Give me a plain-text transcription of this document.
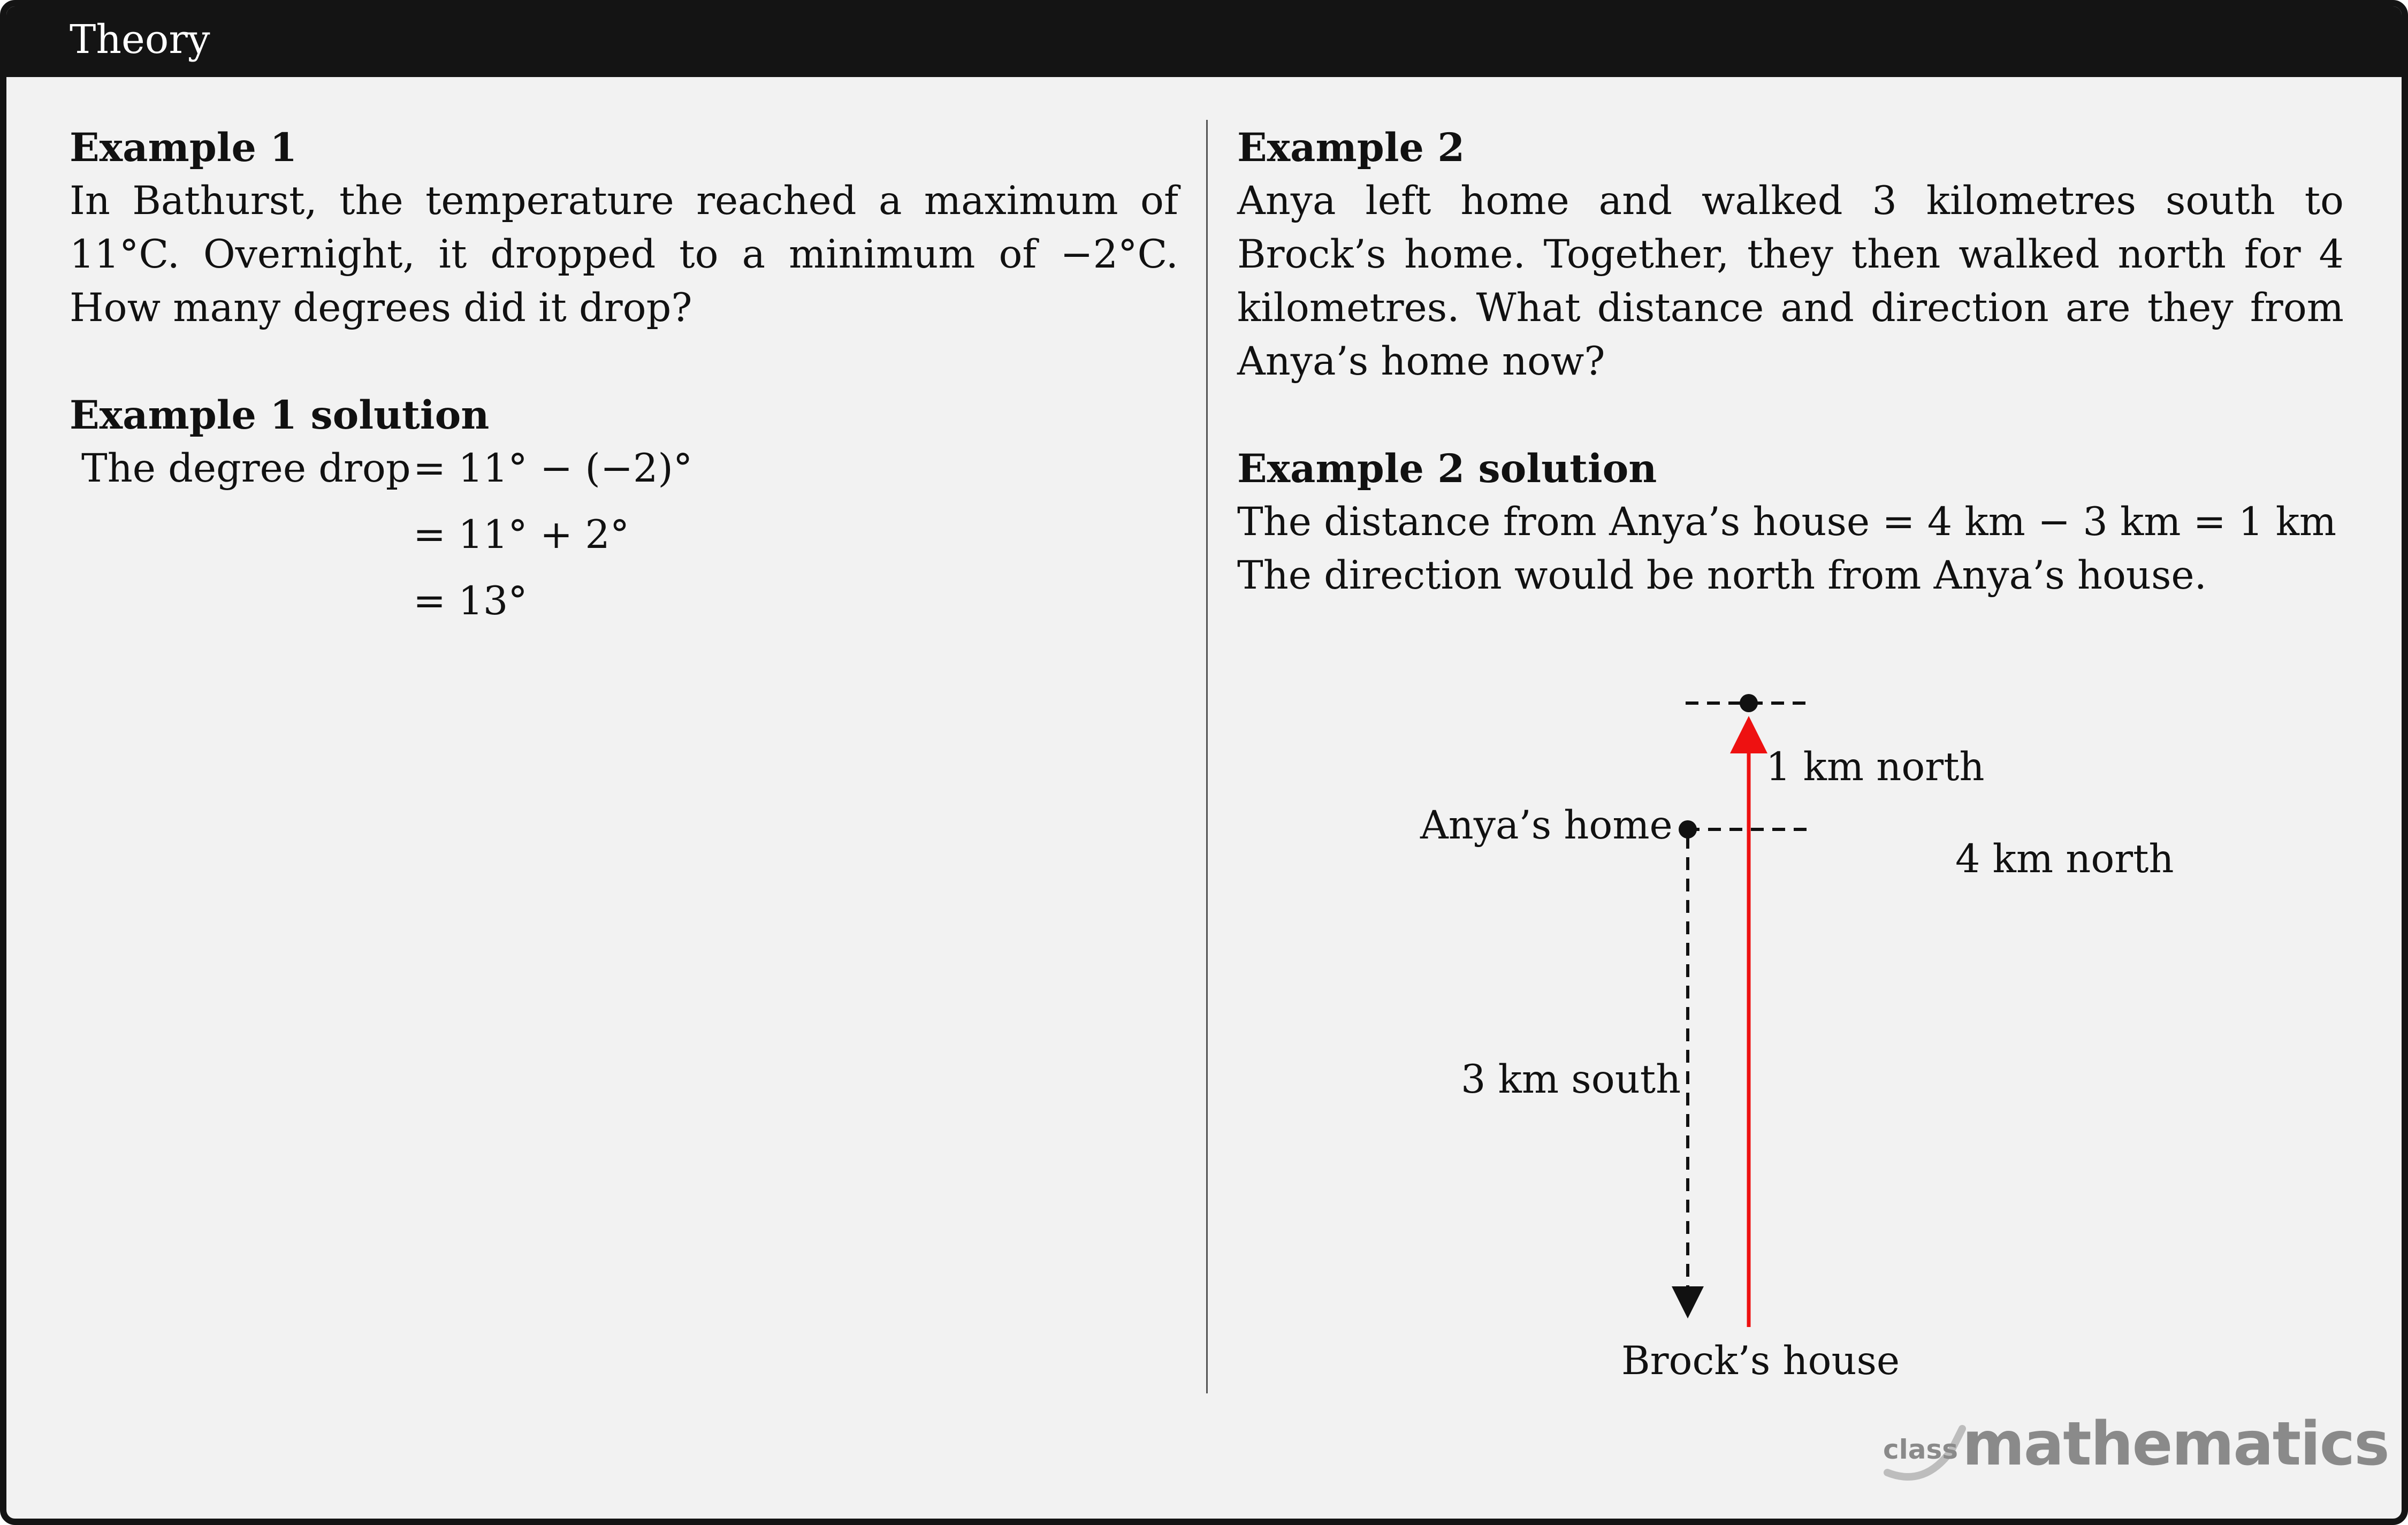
Theory
Example 1
In Bathurst, the temperature reached a maximum of 11°C. Overnight, it dropped to a minimum of −2°C. How many degrees did it drop?
Example 1 solution
The degree drop = 11° − (−2)°
= 11° + 2°
= 13°
Example 2
Anya left home and walked 3 kilometres south to Brock’s home. Together, they then walked north for 4 kilometres. What distance and direction are they from Anya’s home now?
Example 2 solution
The distance from Anya’s house = 4 km − 3 km = 1 km
The direction would be north from Anya’s house.
Anya’s home
1 km north
4 km north
3 km south
Brock’s house
class mathematics
